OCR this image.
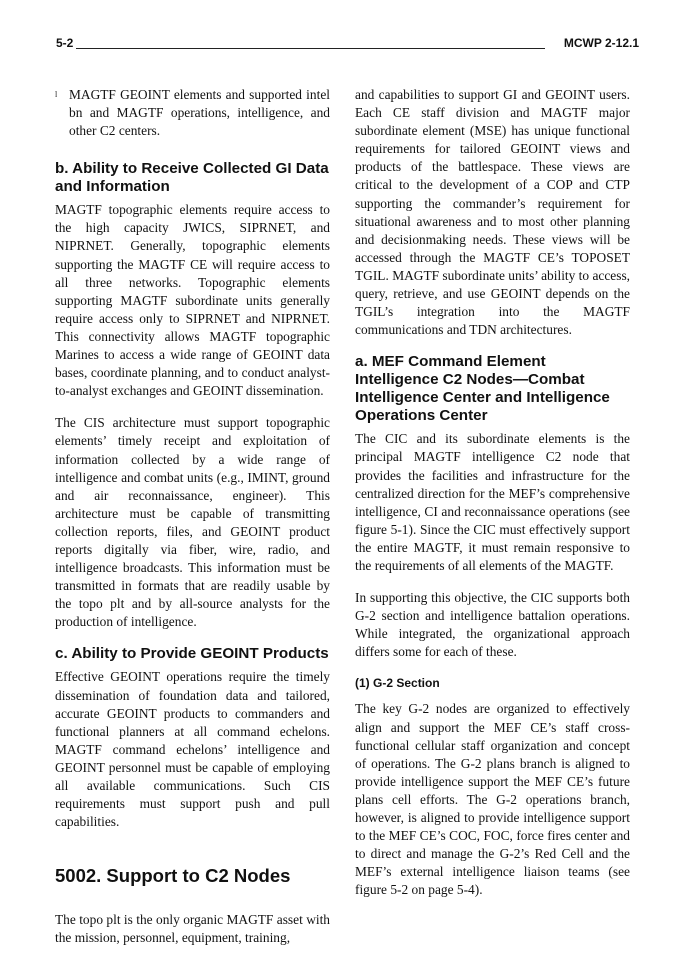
5-2	MCWP 2-12.1
l MAGTF GEOINT elements and supported intel bn and MAGTF operations, intelligence, and other C2 centers.
b. Ability to Receive Collected GI Data and Information

MAGTF topographic elements require access to the high capacity JWICS, SIPRNET, and NIPRNET. Generally, topographic elements supporting the MAGTF CE will require access to all three networks. Topographic elements supporting MAGTF subordinate units generally require access only to SIPRNET and NIPRNET. This connectivity allows MAGTF topographic Marines to access a wide range of GEOINT data bases, coordinate planning, and to conduct analyst-to-analyst exchanges and GEOINT dissemination.

The CIS architecture must support topographic elements’ timely receipt and exploitation of information collected by a wide range of intelligence and combat units (e.g., IMINT, ground and air reconnaissance, engineer). This architecture must be capable of transmitting collection reports, files, and GEOINT product reports digitally via fiber, wire, radio, and intelligence broadcasts. This information must be transmitted in formats that are readily usable by the topo plt and by all-source analysts for the production of intelligence.

c. Ability to Provide GEOINT Products

Effective GEOINT operations require the timely dissemination of foundation data and tailored, accurate GEOINT products to commanders and functional planners at all command echelons. MAGTF command echelons’ intelligence and GEOINT personnel must be capable of employing all available communications. Such CIS requirements must support push and pull capabilities.

5002. Support to C2 Nodes

The topo plt is the only organic MAGTF asset with the mission, personnel, equipment, training,

and capabilities to support GI and GEOINT users. Each CE staff division and MAGTF major subordinate element (MSE) has unique functional requirements for tailored GEOINT views and products of the battlespace. These views are critical to the development of a COP and CTP supporting the commander’s requirement for situational awareness and to most other planning and decisionmaking needs. These views will be accessed through the MAGTF CE’s TOPOSET TGIL. MAGTF subordinate units’ ability to access, query, retrieve, and use GEOINT depends on the TGIL’s integration into the MAGTF communications and TDN architectures.

a. MEF Command Element Intelligence C2 Nodes—Combat Intelligence Center and Intelligence Operations Center

The CIC and its subordinate elements is the principal MAGTF intelligence C2 node that provides the facilities and infrastructure for the centralized direction for the MEF’s comprehensive intelligence, CI and reconnaissance operations (see figure 5-1). Since the CIC must effectively support the entire MAGTF, it must remain responsive to the requirements of all elements of the MAGTF.

In supporting this objective, the CIC supports both G-2 section and intelligence battalion operations. While integrated, the organizational approach differs some for each of these.

(1) G-2 Section

The key G-2 nodes are organized to effectively align and support the MEF CE’s staff cross-functional cellular staff organization and concept of operations. The G-2 plans branch is aligned to provide intelligence support the MEF CE’s future plans cell efforts. The G-2 operations branch, however, is aligned to provide intelligence support to the MEF CE’s COC, FOC, force fires center and to direct and manage the G-2’s Red Cell and the MEF’s external intelligence liaison teams (see figure 5-2 on page 5-4).
